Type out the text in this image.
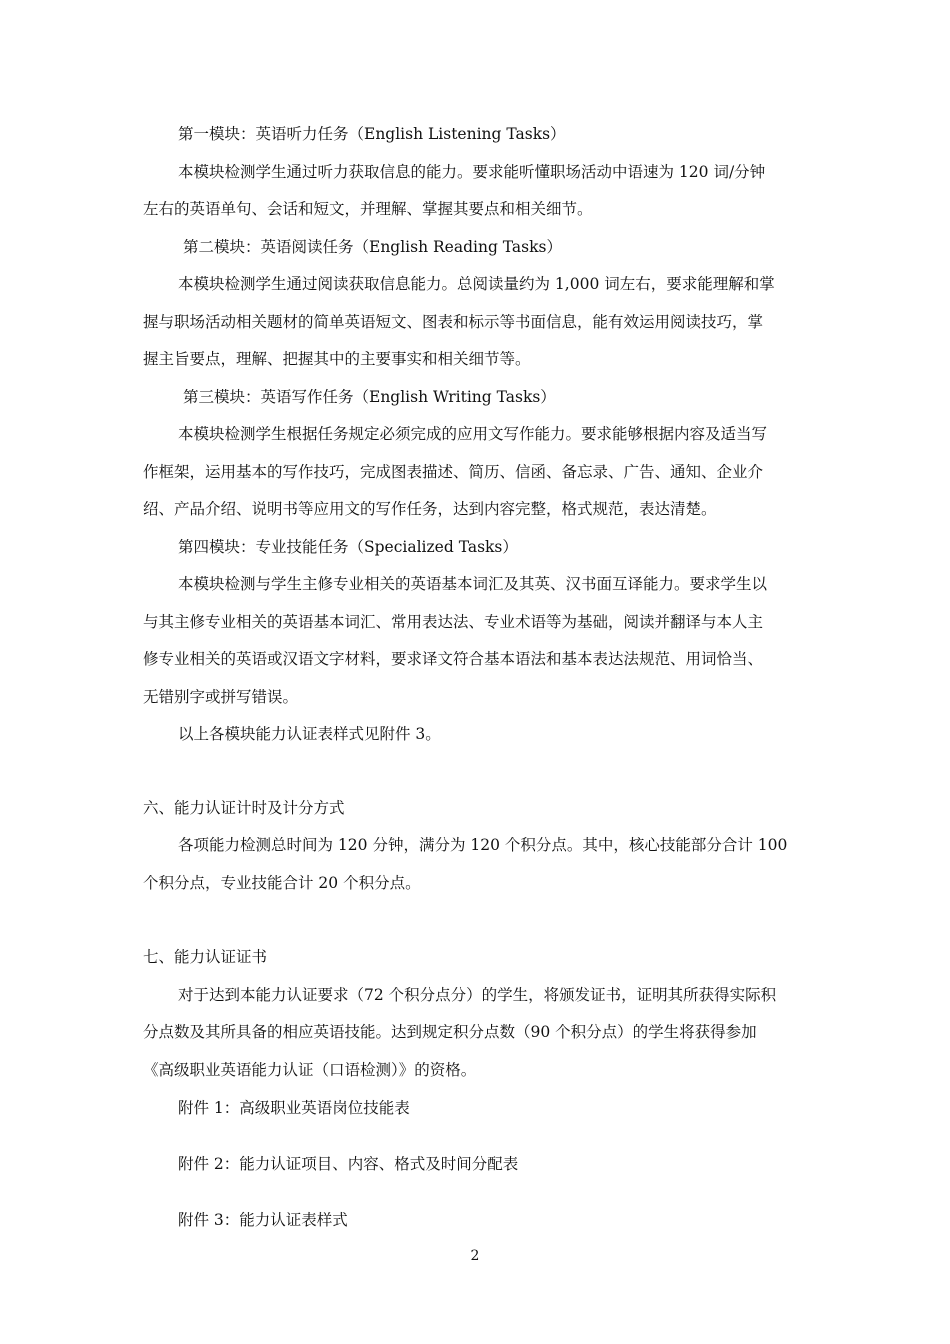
第一模块：英语听力任务（English Listening Tasks）

本模块检测学生通过听力获取信息的能力。要求能听懂职场活动中语速为 120 词/分钟

左右的英语单句、会话和短文，并理解、掌握其要点和相关细节。

第二模块：英语阅读任务（English Reading Tasks）

本模块检测学生通过阅读获取信息能力。总阅读量约为 1,000 词左右，要求能理解和掌

握与职场活动相关题材的简单英语短文、图表和标示等书面信息，能有效运用阅读技巧，掌

握主旨要点，理解、把握其中的主要事实和相关细节等。

第三模块：英语写作任务（English Writing Tasks）

本模块检测学生根据任务规定必须完成的应用文写作能力。要求能够根据内容及适当写

作框架，运用基本的写作技巧，完成图表描述、简历、信函、备忘录、广告、通知、企业介

绍、产品介绍、说明书等应用文的写作任务，达到内容完整，格式规范，表达清楚。

第四模块：专业技能任务（Specialized Tasks）

本模块检测与学生主修专业相关的英语基本词汇及其英、汉书面互译能力。要求学生以

与其主修专业相关的英语基本词汇、常用表达法、专业术语等为基础，阅读并翻译与本人主

修专业相关的英语或汉语文字材料，要求译文符合基本语法和基本表达法规范、用词恰当、

无错别字或拼写错误。

以上各模块能力认证表样式见附件 3。

六、能力认证计时及计分方式

各项能力检测总时间为 120 分钟，满分为 120 个积分点。其中，核心技能部分合计 100

个积分点，专业技能合计 20 个积分点。

七、能力认证证书

对于达到本能力认证要求（72 个积分点分）的学生，将颁发证书，证明其所获得实际积

分点数及其所具备的相应英语技能。达到规定积分点数（90 个积分点）的学生将获得参加

《高级职业英语能力认证（口语检测）》的资格。

附件 1：高级职业英语岗位技能表

附件 2：能力认证项目、内容、格式及时间分配表

附件 3：能力认证表样式

2
